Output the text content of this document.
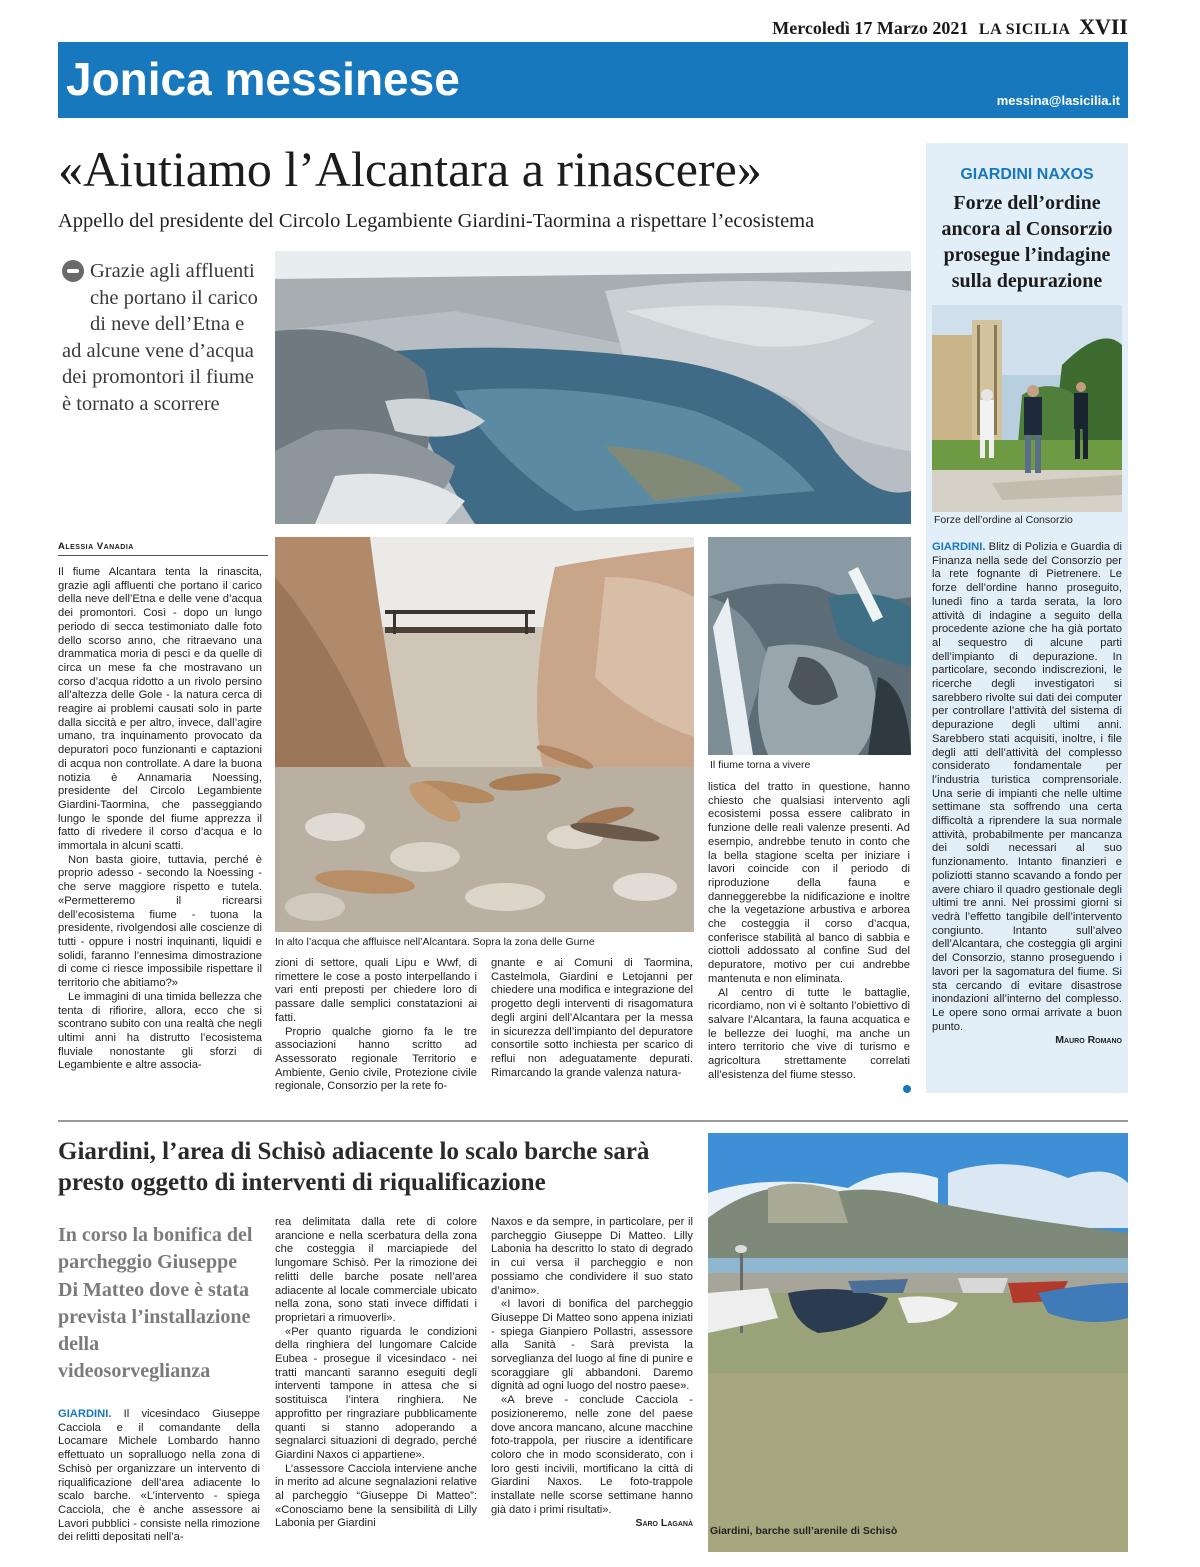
Mercoledì 17 Marzo 2021 LA SICILIA XVII
Jonica messinese	messina@lasicilia.it
«Aiutiamo l’Alcantara a rinascere»
Appello del presidente del Circolo Legambiente Giardini-Taormina a rispettare l’ecosistema
Grazie agli affluenti che portano il carico di neve dell’Etna e ad alcune vene d’acqua dei promontori il fiume è tornato a scorrere
Alessia Vanadia

Il fiume Alcantara tenta la rinascita, grazie agli affluenti che portano il carico della neve dell’Etna e delle vene d’acqua dei promontori. Così - dopo un lungo periodo di secca testimoniato dalle foto dello scorso anno, che ritraevano una drammatica moria di pesci e da quelle di circa un mese fa che mostravano un corso d’acqua ridotto a un rivolo persino all’altezza delle Gole - la natura cerca di reagire ai problemi causati solo in parte dalla siccità e per altro, invece, dall’agire umano, tra inquinamento provocato da depuratori poco funzionanti e captazioni di acqua non controllate. A dare la buona notizia è Annamaria Noessing, presidente del Circolo Legambiente Giardini-Taormina, che passeggiando lungo le sponde del fiume apprezza il fatto di rivedere il corso d’acqua e lo immortala in alcuni scatti.

Non basta gioire, tuttavia, perché è proprio adesso - secondo la Noessing - che serve maggiore rispetto e tutela. «Permetteremo il ricrearsi dell’ecosistema fiume - tuona la presidente, rivolgendosi alle coscienze di tutti - oppure i nostri inquinanti, liquidi e solidi, faranno l’ennesima dimostrazione di come ci riesce impossibile rispettare il territorio che abitiamo?»

Le immagini di una timida bellezza che tenta di rifiorire, allora, ecco che si scontrano subito con una realtà che negli ultimi anni ha distrutto l’ecosistema fluviale nonostante gli sforzi di Legambiente e altre associa-

In alto l’acqua che affluisce nell’Alcantara. Sopra la zona delle Gurne

zioni di settore, quali Lipu e Wwf, di rimettere le cose a posto interpellando i vari enti preposti per chiedere loro di passare dalle semplici constatazioni ai fatti.

Proprio qualche giorno fa le tre associazioni hanno scritto ad Assessorato regionale Territorio e Ambiente, Genio civile, Protezione civile regionale, Consorzio per la rete fo-

gnante e ai Comuni di Taormina, Castelmola, Giardini e Letojanni per chiedere una modifica e integrazione del progetto degli interventi di risagomatura degli argini dell’Alcantara per la messa in sicurezza dell’impianto del depuratore consortile sotto inchiesta per scarico di reflui non adeguatamente depurati. Rimarcando la grande valenza natura-

Il fiume torna a vivere

listica del tratto in questione, hanno chiesto che qualsiasi intervento agli ecosistemi possa essere calibrato in funzione delle reali valenze presenti. Ad esempio, andrebbe tenuto in conto che la bella stagione scelta per iniziare i lavori coincide con il periodo di riproduzione della fauna e danneggerebbe la nidificazione e inoltre che la vegetazione arbustiva e arborea che costeggia il corso d’acqua, conferisce stabilità al banco di sabbia e ciottoli addossato al confine Sud del depuratore, motivo per cui andrebbe mantenuta e non eliminata.

Al centro di tutte le battaglie, ricordiamo, non vi è soltanto l’obiettivo di salvare l’Alcantara, la fauna acquatica e le bellezze dei luoghi, ma anche un intero territorio che vive di turismo e agricoltura strettamente correlati all’esistenza del fiume stesso.

GIARDINI NAXOS
Forze dell’ordine ancora al Consorzio prosegue l’indagine sulla depurazione
Forze dell’ordine al Consorzio

GIARDINI. Blitz di Polizia e Guardia di Finanza nella sede del Consorzio per la rete fognante di Pietrenere. Le forze dell’ordine hanno proseguito, lunedì fino a tarda serata, la loro attività di indagine a seguito della procedente azione che ha già portato al sequestro di alcune parti dell’impianto di depurazione. In particolare, secondo indiscrezioni, le ricerche degli investigatori si sarebbero rivolte sui dati dei computer per controllare l’attività del sistema di depurazione degli ultimi anni. Sarebbero stati acquisiti, inoltre, i file degli atti dell’attività del complesso considerato fondamentale per l’industria turistica comprensoriale. Una serie di impianti che nelle ultime settimane sta soffrendo una certa difficoltà a riprendere la sua normale attività, probabilmente per mancanza dei soldi necessari al suo funzionamento. Intanto finanzieri e poliziotti stanno scavando a fondo per avere chiaro il quadro gestionale degli ultimi tre anni. Nei prossimi giorni si vedrà l’effetto tangibile dell’intervento congiunto. Intanto sull’alveo dell’Alcantara, che costeggia gli argini del Consorzio, stanno proseguendo i lavori per la sagomatura del fiume. Si sta cercando di evitare disastrose inondazioni all’interno del complesso. Le opere sono ormai arrivate a buon punto.

Mauro Romano

Giardini, l’area di Schisò adiacente lo scalo barche sarà presto oggetto di interventi di riqualificazione
In corso la bonifica del parcheggio Giuseppe Di Matteo dove è stata prevista l’installazione della videosorveglianza

GIARDINI. Il vicesindaco Giuseppe Cacciola e il comandante della Locamare Michele Lombardo hanno effettuato un sopralluogo nella zona di Schisò per organizzare un intervento di riqualificazione dell’area adiacente lo scalo barche. «L’intervento - spiega Cacciola, che è anche assessore ai Lavori pubblici - consiste nella rimozione dei relitti depositati nell’a-

rea delimitata dalla rete di colore arancione e nella scerbatura della zona che costeggia il marciapiede del lungomare Schisò. Per la rimozione dei relitti delle barche posate nell’area adiacente al locale commerciale ubicato nella zona, sono stati invece diffidati i proprietari a rimuoverli».

«Per quanto riguarda le condizioni della ringhiera del lungomare Calcide Eubea - prosegue il vicesindaco - nei tratti mancanti saranno eseguiti degli interventi tampone in attesa che si sostituisca l’intera ringhiera. Ne approfitto per ringraziare pubblicamente quanti si stanno adoperando a segnalarci situazioni di degrado, perché Giardini Naxos ci appartiene».

L’assessore Cacciola interviene anche in merito ad alcune segnalazioni relative al parcheggio “Giuseppe Di Matteo”: «Conosciamo bene la sensibilità di Lilly Labonia per Giardini

Naxos e da sempre, in particolare, per il parcheggio Giuseppe Di Matteo. Lilly Labonia ha descritto lo stato di degrado in cui versa il parcheggio e non possiamo che condividere il suo stato d’animo».

«I lavori di bonifica del parcheggio Giuseppe Di Matteo sono appena iniziati - spiega Gianpiero Pollastri, assessore alla Sanità - Sarà prevista la sorveglianza del luogo al fine di punire e scoraggiare gli abbandoni. Daremo dignità ad ogni luogo del nostro paese».

«A breve - conclude Cacciola - posizioneremo, nelle zone del paese dove ancora mancano, alcune macchine foto-trappola, per riuscire a identificare coloro che in modo sconsiderato, con i loro gesti incivili, mortificano la città di Giardini Naxos. Le foto-trappole installate nelle scorse settimane hanno già dato i primi risultati».

Saro Laganà

Giardini, barche sull’arenile di Schisò
